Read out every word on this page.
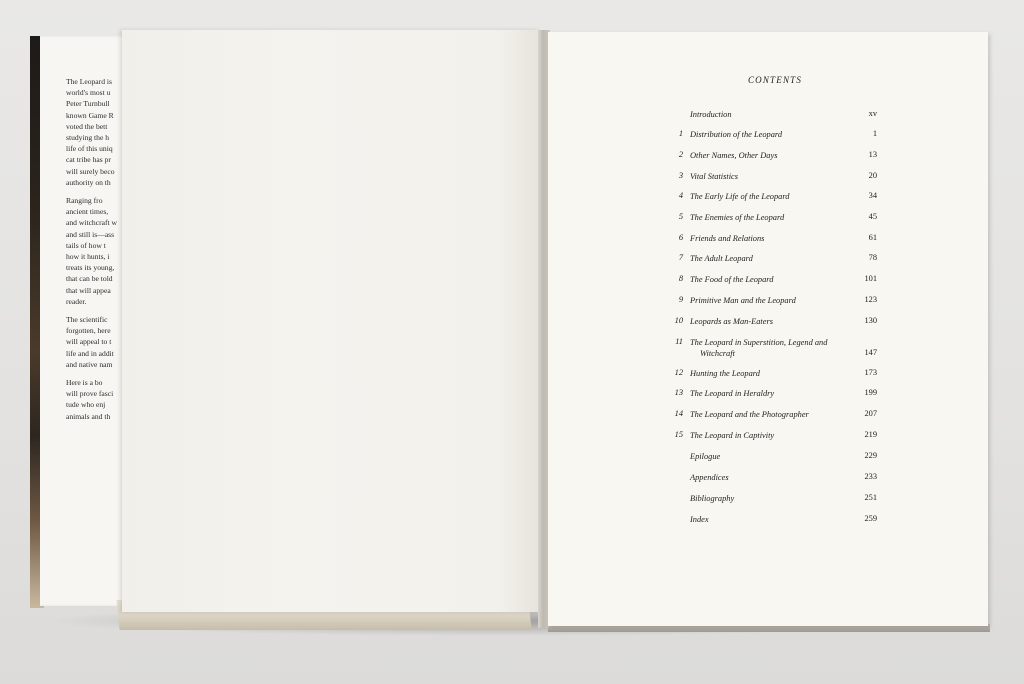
The Leopard is
world's most u
Peter Turnbull
known Game R
voted the bett
studying the h
life of this uniq
cat tribe has pr
will surely beco
authority on th
Ranging fro
ancient times,
and witchcraft w
and still is—ass
tails of how t
how it hunts, i
treats its young,
that can be told
that will appea
reader.
The scientific
forgotten, here
will appeal to t
life and in addit
and native nam
Here is a bo
will prove fasci
tude who enj
animals and th
CONTENTS
Introduction	xv
1 Distribution of the Leopard	1
2 Other Names, Other Days	13
3 Vital Statistics	20
4 The Early Life of the Leopard	34
5 The Enemies of the Leopard	45
6 Friends and Relations	61
7 The Adult Leopard	78
8 The Food of the Leopard	101
9 Primitive Man and the Leopard	123
10 Leopards as Man-Eaters	130
11 The Leopard in Superstition, Legend and
Witchcraft	147
12 Hunting the Leopard	173
13 The Leopard in Heraldry	199
14 The Leopard and the Photographer	207
15 The Leopard in Captivity	219
Epilogue	229
Appendices	233
Bibliography	251
Index	259
